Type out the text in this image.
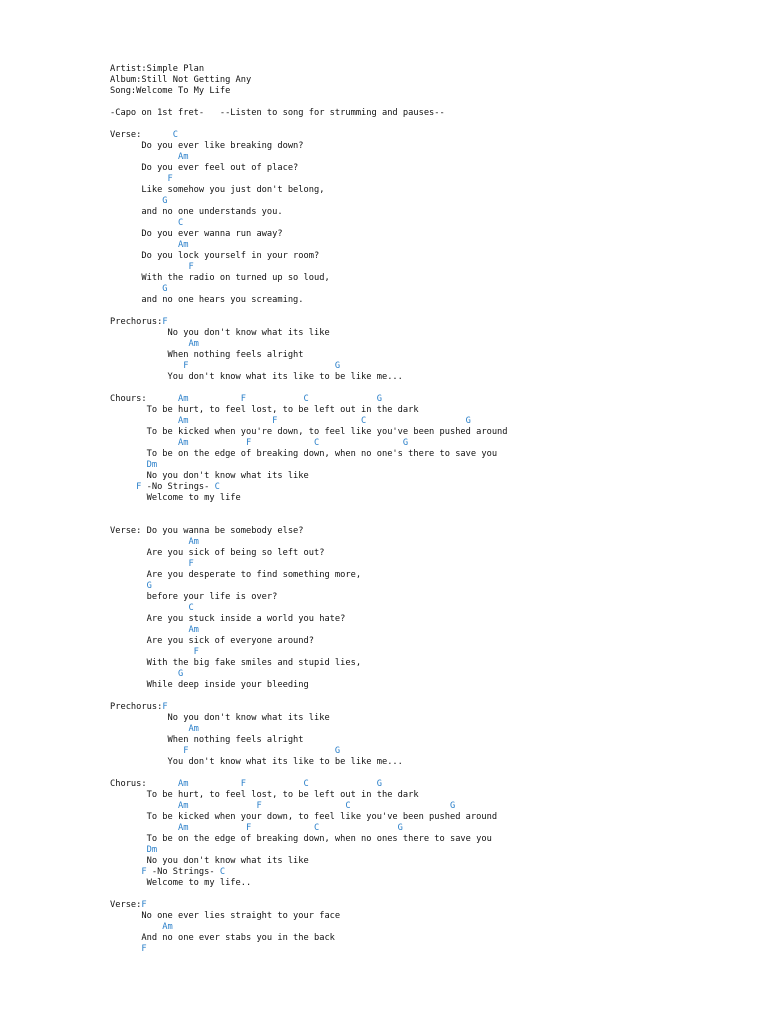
Artist:Simple Plan
Album:Still Not Getting Any
Song:Welcome To My Life
-Capo on 1st fret-   --Listen to song for strumming and pauses--
Verse:      C
Do you ever like breaking down?
Am
Do you ever feel out of place?
F
Like somehow you just don't belong,
G
and no one understands you.
C
Do you ever wanna run away?
Am
Do you lock yourself in your room?
F
With the radio on turned up so loud,
G
and no one hears you screaming.
Prechorus:F
No you don't know what its like
Am
When nothing feels alright
F                            G
You don't know what its like to be like me...
Chours:      Am          F           C             G
To be hurt, to feel lost, to be left out in the dark
Am                F                C                   G
To be kicked when you're down, to feel like you've been pushed around
Am           F            C                G
To be on the edge of breaking down, when no one's there to save you
Dm
No you don't know what its like
F -No Strings- C
Welcome to my life
Verse: Do you wanna be somebody else?
Am
Are you sick of being so left out?
F
Are you desperate to find something more,
G
before your life is over?
C
Are you stuck inside a world you hate?
Am
Are you sick of everyone around?
F
With the big fake smiles and stupid lies,
G
While deep inside your bleeding
Prechorus:F
No you don't know what its like
Am
When nothing feels alright
F                            G
You don't know what its like to be like me...
Chorus:      Am          F           C             G
To be hurt, to feel lost, to be left out in the dark
Am             F                C                   G
To be kicked when your down, to feel like you've been pushed around
Am           F            C               G
To be on the edge of breaking down, when no ones there to save you
Dm
No you don't know what its like
F -No Strings- C
Welcome to my life..
Verse:F
No one ever lies straight to your face
Am
And no one ever stabs you in the back
F
